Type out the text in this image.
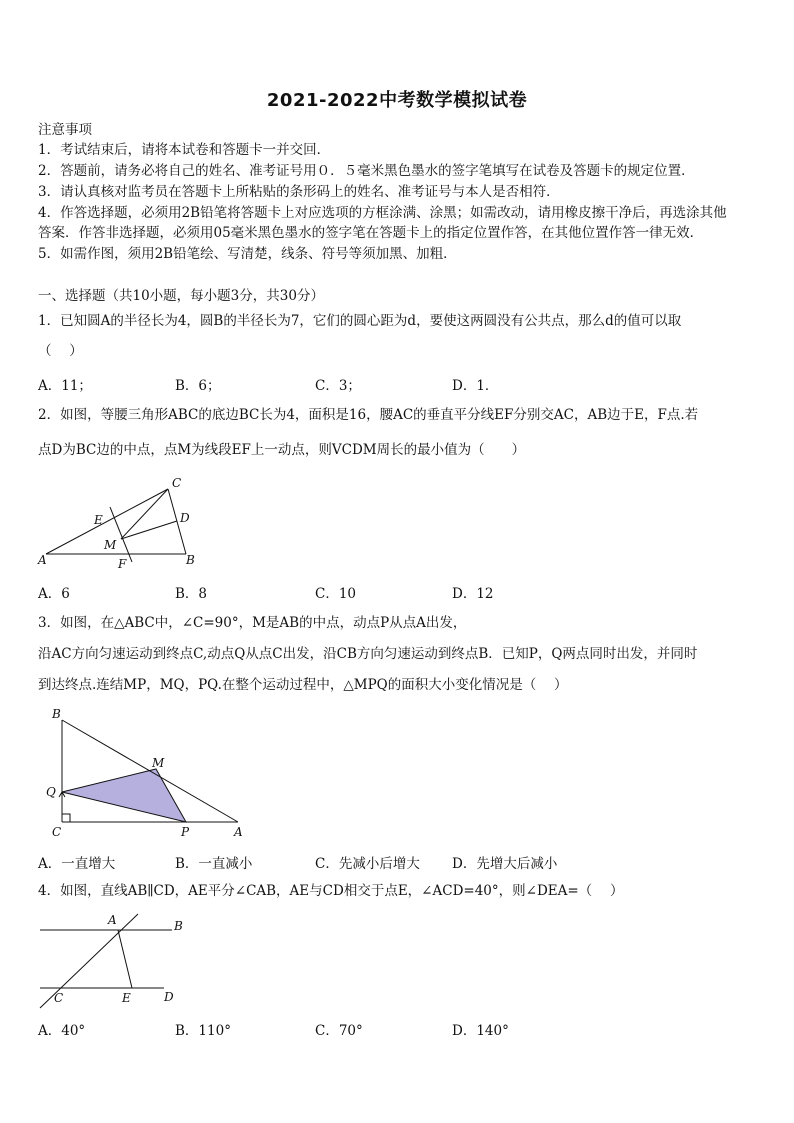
2021-2022中考数学模拟试卷
注意事项
1．考试结束后，请将本试卷和答题卡一并交回．
2．答题前，请务必将自己的姓名、准考证号用０．５毫米黑色墨水的签字笔填写在试卷及答题卡的规定位置．
3．请认真核对监考员在答题卡上所粘贴的条形码上的姓名、准考证号与本人是否相符．
4．作答选择题，必须用2B铅笔将答题卡上对应选项的方框涂满、涂黑；如需改动，请用橡皮擦干净后，再选涂其他
答案．作答非选择题，必须用05毫米黑色墨水的签字笔在答题卡上的指定位置作答，在其他位置作答一律无效．
5．如需作图，须用2B铅笔绘、写清楚，线条、符号等须加黑、加粗．
一、选择题（共10小题，每小题3分，共30分）
1．已知圆A的半径长为4，圆B的半径长为7，它们的圆心距为d，要使这两圆没有公共点，那么d的值可以取
（　 ）
A．11；	B．6；	C．3；	D．1．
2．如图，等腰三角形ABC的底边BC长为4，面积是16，腰AC的垂直平分线EF分别交AC，AB边于E，F点.若
点D为BC边的中点，点M为线段EF上一动点，则VCDM周长的最小值为（　　）
C
D
E
M
A	B
F
A．6	B．8	C．10	D．12
3．如图，在△ABC中，∠C=90°，M是AB的中点，动点P从点A出发，
沿AC方向匀速运动到终点C,动点Q从点C出发，沿CB方向匀速运动到终点B．已知P，Q两点同时出发，并同时
到达终点.连结MP，MQ，PQ.在整个运动过程中，△MPQ的面积大小变化情况是（　 ）
B
M
Q
C	P	A
A．一直增大	B．一直减小	C．先减小后增大 D．先增大后减小
4．如图，直线AB∥CD，AE平分∠CAB，AE与CD相交于点E，∠ACD=40°，则∠DEA=（　 ）
A	B
C	E	D
A．40°	B．110°	C．70°	D．140°
